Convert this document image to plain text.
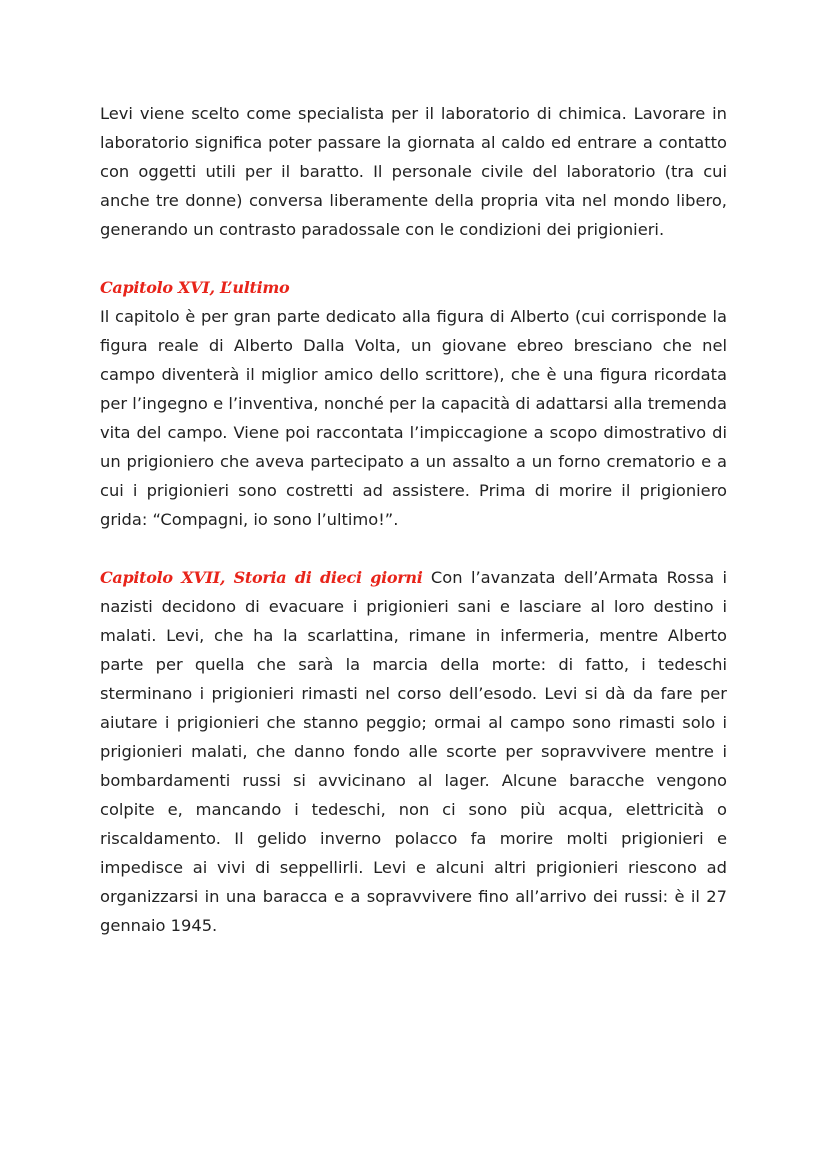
Levi viene scelto come specialista per il laboratorio di chimica. Lavorare in laboratorio significa poter passare la giornata al caldo ed entrare a contatto con oggetti utili per il baratto. Il personale civile del laboratorio (tra cui anche tre donne) conversa liberamente della propria vita nel mondo libero, generando un contrasto paradossale con le condizioni dei prigionieri.

Capitolo XVI, L’ultimo

Il capitolo è per gran parte dedicato alla figura di Alberto (cui corrisponde la figura reale di Alberto Dalla Volta, un giovane ebreo bresciano che nel campo diventerà il miglior amico dello scrittore), che è una figura ricordata per l’ingegno e l’inventiva, nonché per la capacità di adattarsi alla tremenda vita del campo. Viene poi raccontata l’impiccagione a scopo dimostrativo di un prigioniero che aveva partecipato a un assalto a un forno crematorio e a cui i prigionieri sono costretti ad assistere. Prima di morire il prigioniero grida: “Compagni, io sono l’ultimo!”.

Capitolo XVII, Storia di dieci giorni Con l’avanzata dell’Armata Rossa i nazisti decidono di evacuare i prigionieri sani e lasciare al loro destino i malati. Levi, che ha la scarlattina, rimane in infermeria, mentre Alberto parte per quella che sarà la marcia della morte: di fatto, i tedeschi sterminano i prigionieri rimasti nel corso dell’esodo. Levi si dà da fare per aiutare i prigionieri che stanno peggio; ormai al campo sono rimasti solo i prigionieri malati, che danno fondo alle scorte per sopravvivere mentre i bombardamenti russi si avvicinano al lager. Alcune baracche vengono colpite e, mancando i tedeschi, non ci sono più acqua, elettricità o riscaldamento. Il gelido inverno polacco fa morire molti prigionieri e impedisce ai vivi di seppellirli. Levi e alcuni altri prigionieri riescono ad organizzarsi in una baracca e a sopravvivere fino all’arrivo dei russi: è il 27 gennaio 1945.
